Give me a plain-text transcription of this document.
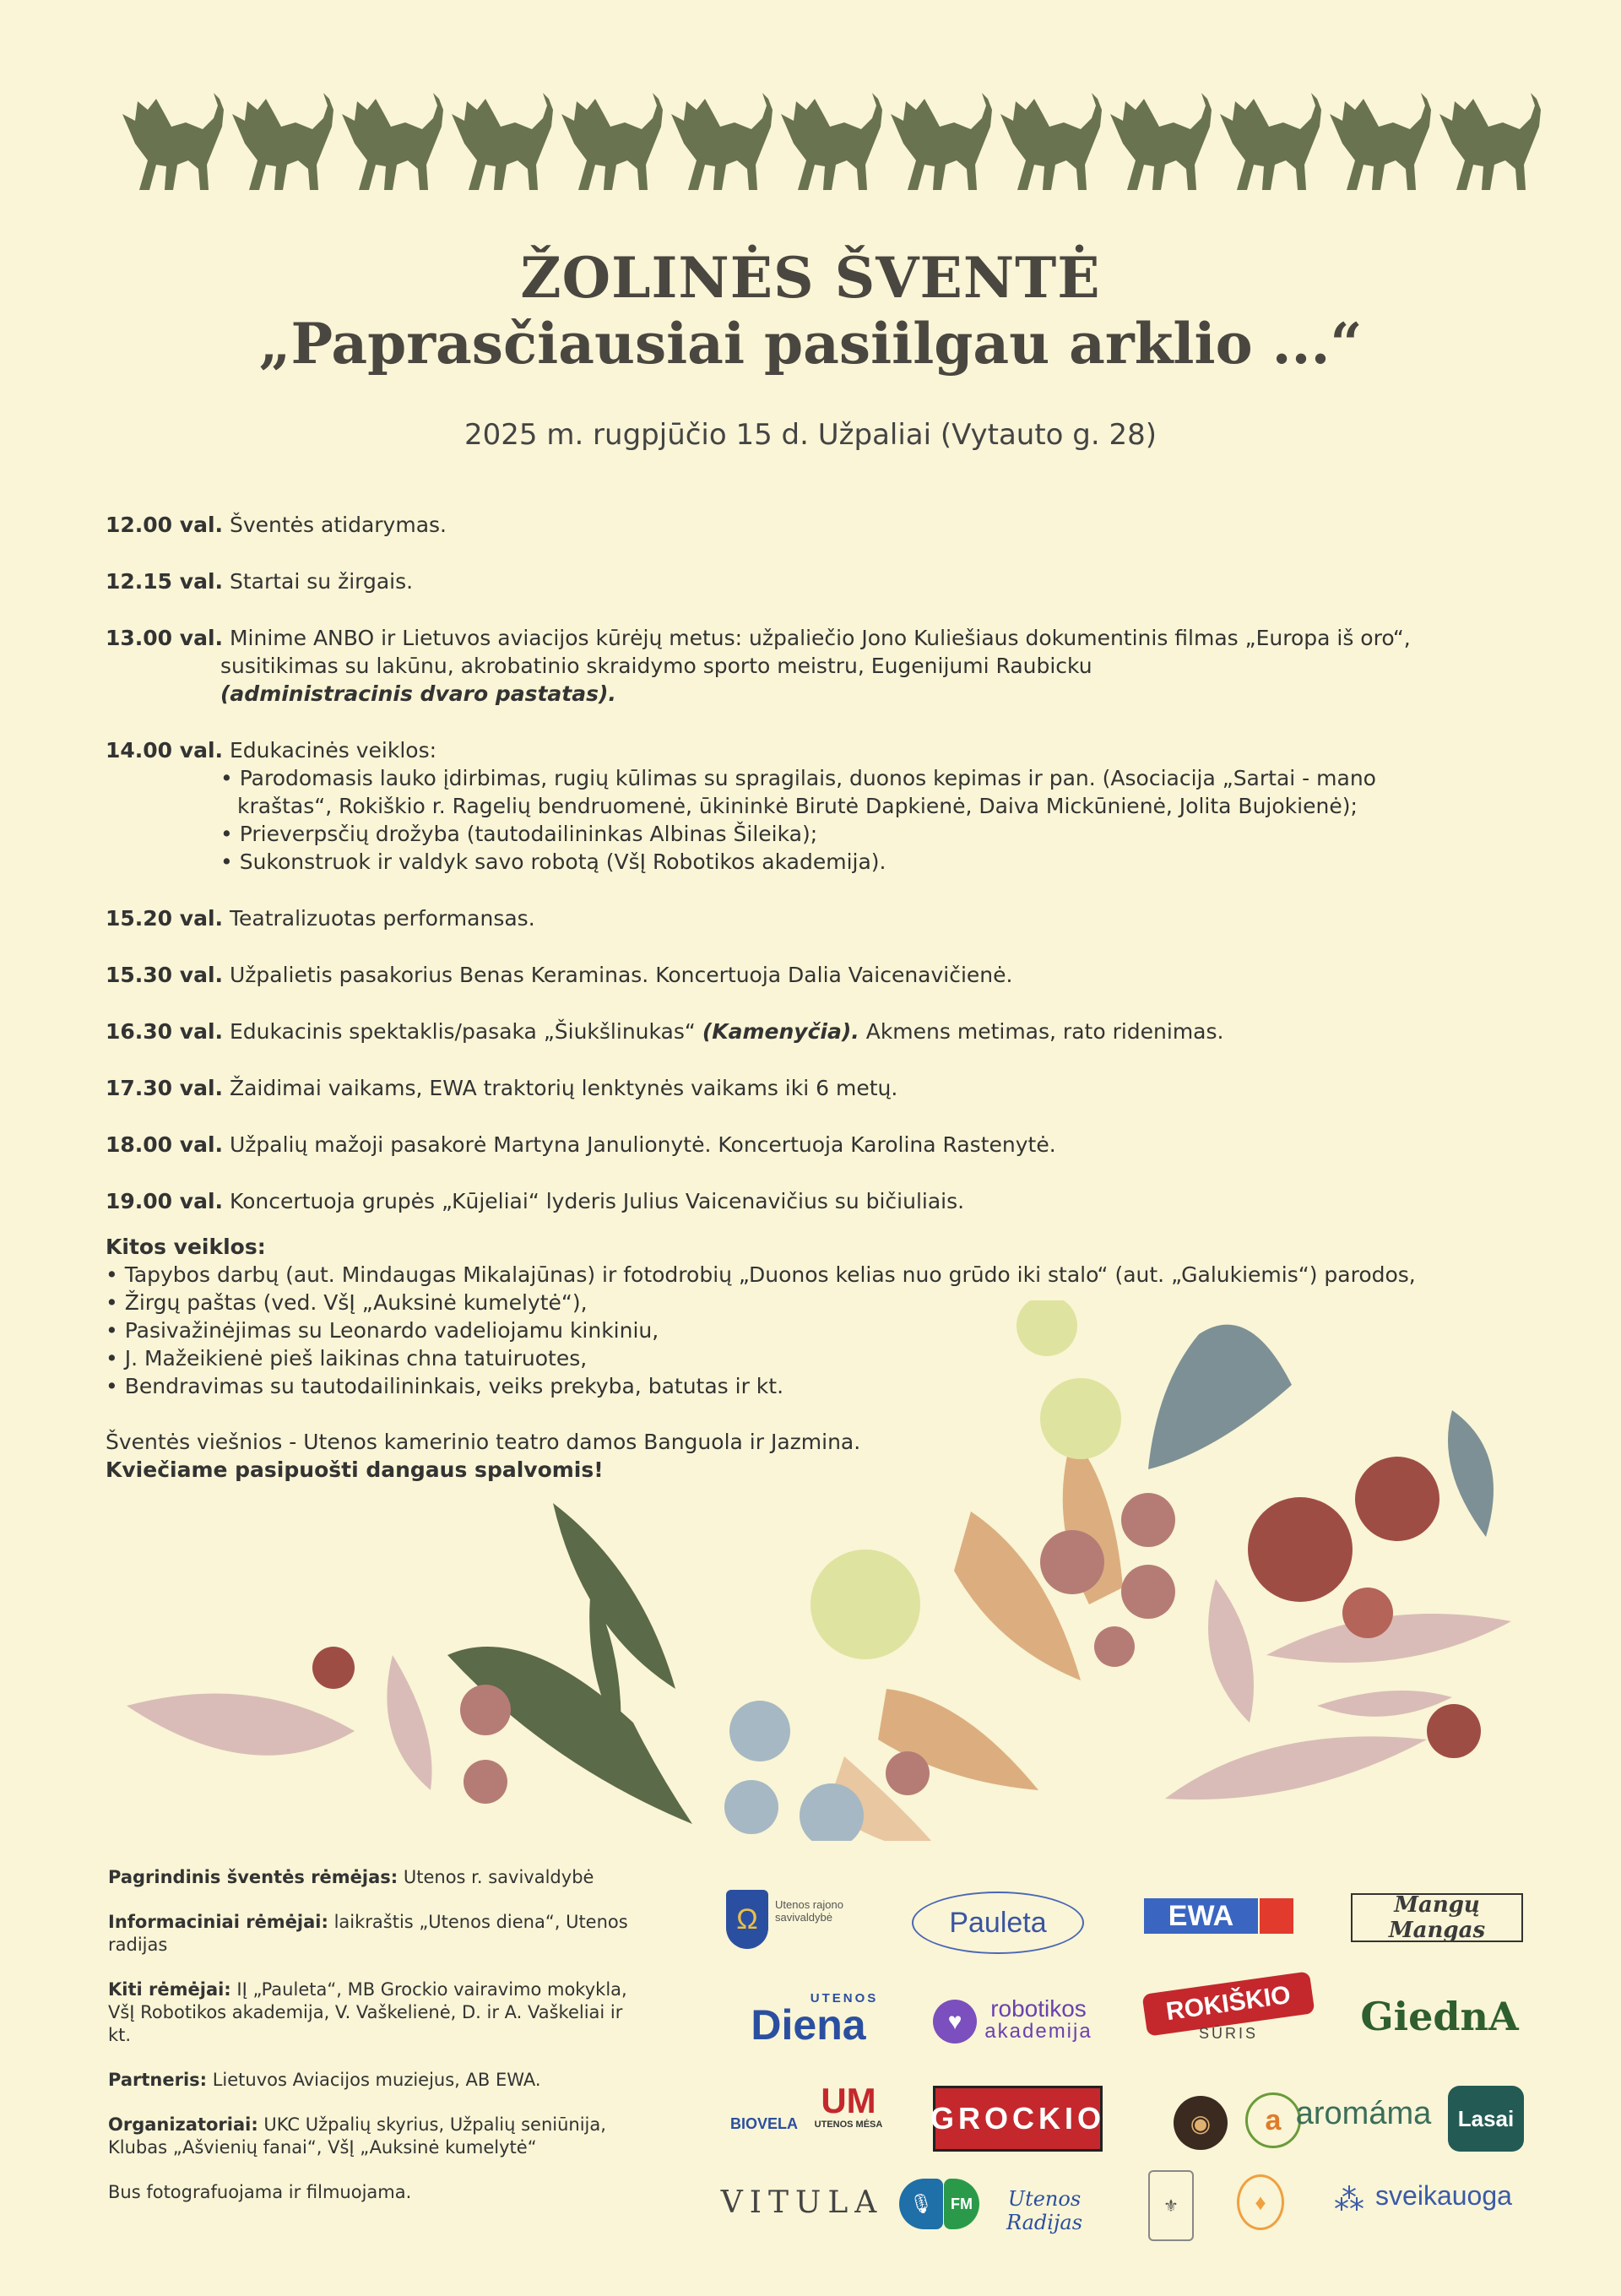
ŽOLINĖS ŠVENTĖ
„Paprasčiausiai pasiilgau arklio ...“
2025 m. rugpjūčio 15 d. Užpaliai (Vytauto g. 28)
12.00 val. Šventės atidarymas.
12.15 val. Startai su žirgais.
13.00 val. Minime ANBO ir Lietuvos aviacijos kūrėjų metus: užpaliečio Jono Kuliešiaus dokumentinis filmas „Europa iš oro“,
susitikimas su lakūnu, akrobatinio skraidymo sporto meistru, Eugenijumi Raubicku
(administracinis dvaro pastatas).
14.00 val. Edukacinės veiklos:
• Parodomasis lauko įdirbimas, rugių kūlimas su spragilais, duonos kepimas ir pan. (Asociacija „Sartai - mano
kraštas“, Rokiškio r. Ragelių bendruomenė, ūkininkė Birutė Dapkienė, Daiva Mickūnienė, Jolita Bujokienė);
• Prieverpsčių drožyba (tautodailininkas Albinas Šileika);
• Sukonstruok ir valdyk savo robotą (VšĮ Robotikos akademija).
15.20 val. Teatralizuotas performansas.
15.30 val. Užpalietis pasakorius Benas Keraminas. Koncertuoja Dalia Vaicenavičienė.
16.30 val. Edukacinis spektaklis/pasaka „Šiukšlinukas“ (Kamenyčia). Akmens metimas, rato ridenimas.
17.30 val. Žaidimai vaikams, EWA traktorių lenktynės vaikams iki 6 metų.
18.00 val. Užpalių mažoji pasakorė Martyna Janulionytė. Koncertuoja Karolina Rastenytė.
19.00 val. Koncertuoja grupės „Kūjeliai“ lyderis Julius Vaicenavičius su bičiuliais.
Kitos veiklos:
• Tapybos darbų (aut. Mindaugas Mikalajūnas) ir fotodrobių „Duonos kelias nuo grūdo iki stalo“ (aut. „Galukiemis“) parodos,
• Žirgų paštas (ved. VšĮ „Auksinė kumelytė“),
• Pasivažinėjimas su Leonardo vadeliojamu kinkiniu,
• J. Mažeikienė pieš laikinas chna tatuiruotes,
• Bendravimas su tautodailininkais, veiks prekyba, batutas ir kt.
Šventės viešnios - Utenos kamerinio teatro damos Banguola ir Jazmina.
Kviečiame pasipuošti dangaus spalvomis!

Pagrindinis šventės rėmėjas: Utenos r. savivaldybė

Informaciniai rėmėjai: laikraštis „Utenos diena“, Utenos radijas

Kiti rėmėjai: IĮ „Pauleta“, MB Grockio vairavimo mokykla, VšĮ Robotikos akademija, V. Vaškelienė, D. ir A. Vaškeliai ir kt.

Partneris: Lietuvos Aviacijos muziejus, AB EWA.

Organizatoriai: UKC Užpalių skyrius, Užpalių seniūnija, Klubas „Ašvienių fanai“, VšĮ „Auksinė kumelytė“

Bus fotografuojama ir filmuojama.

Ω	Utenos rajono savivaldybė	Pauleta	EWA	Mangų Mangas
UTENOS
Diena	♥	robotikos
akademija
ROKIŠKIO
SŪRIS	GiednA
BIOVELA
UM
UTENOS MĖSA GROCKIO	◉	a aromáma	Lasai
VITULA	🎙	FM	Utenos Radijas
⚜	♦	⁂ sveikauoga
